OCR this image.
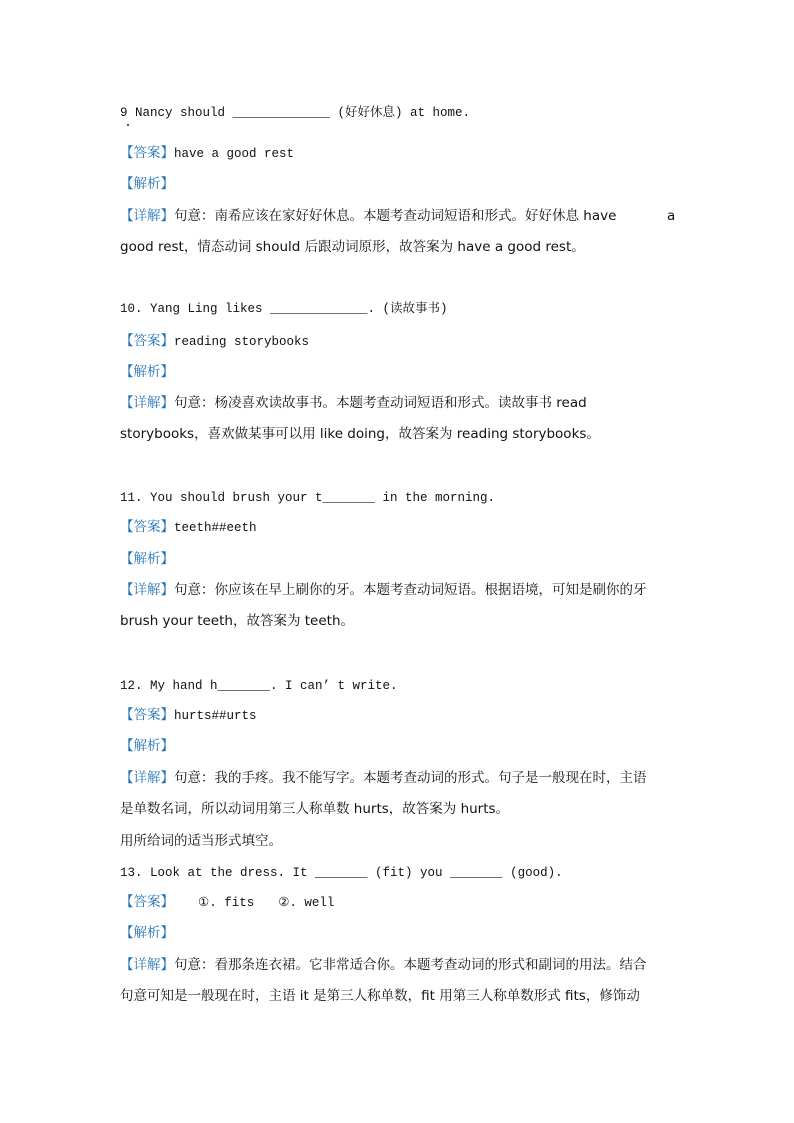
9 Nancy should _____________ (好好休息) at home.
【答案】have a good rest
【解析】
【详解】句意：南希应该在家好好休息。本题考查动词短语和形式。好好休息 have	a
good rest，情态动词 should 后跟动词原形，故答案为 have a good rest。
10. Yang Ling likes _____________. (读故事书)
【答案】reading storybooks
【解析】
【详解】句意：杨凌喜欢读故事书。本题考查动词短语和形式。读故事书 read
storybooks，喜欢做某事可以用 like doing，故答案为 reading storybooks。
11. You should brush your t_______ in the morning.
【答案】teeth##eeth
【解析】
【详解】句意：你应该在早上刷你的牙。本题考查动词短语。根据语境，可知是刷你的牙
brush your teeth，故答案为 teeth。
12. My hand h_______. I can’ t write.
【答案】hurts##urts
【解析】
【详解】句意：我的手疼。我不能写字。本题考查动词的形式。句子是一般现在时，主语
是单数名词，所以动词用第三人称单数 hurts，故答案为 hurts。
用所给词的适当形式填空。
13. Look at the dress. It _______ (fit) you _______ (good).
【答案】 ①. fits ②. well
【解析】
【详解】句意：看那条连衣裙。它非常适合你。本题考查动词的形式和副词的用法。结合
句意可知是一般现在时，主语 it 是第三人称单数，fit 用第三人称单数形式 fits，修饰动
